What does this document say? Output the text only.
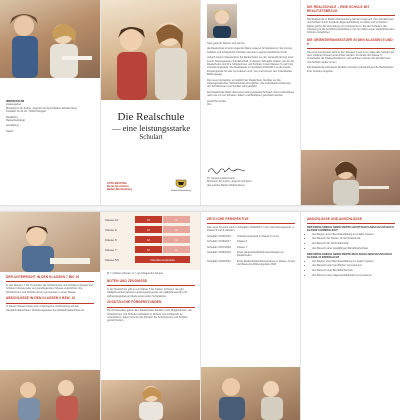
IMPRESSUM
Herausgeber:
Ministerium für Kultus, Jugend und Sport Baden-Württemberg
Postfach 10 34 42, 70029 Stuttgart
Redaktion:
Realschulreferat
Gestaltung:
Stand:
Die Realschule
— eine leistungsstarke
Schulart
GUTE BILDUNG
Beste Aussichten
Baden-Württemberg	Baden-Württemberg

Sehr geehrte Damen und Herren,

die Realschule ist eine tragende Säule unseres Schulsystems. Sie ist eine beliebte und erfolgreiche Schulart mit einem eigenen fachlichen Profil.

Jedoch treten insbesondere die Realschulen vor der Herausforderung einer immer heterogeneren Schülerschaft. In diesem Schuljahr starten nun für die Realschulen und ihre Schülerinnen und Schüler in den Klassen 5 und 6 die Orientierungsstufe. Die Realschule im Schuljahr 2016/2017 ist die zweite Eingangsstufe für das Gymnasium sind, neu und können den individuellen Bildungsweg.

Die neue Konzeption ermöglicht der Realschule, flexibler auf die Heterogenität ihrer Schülerschaft einzugehen. Die individuelle Förderung der Schülerinnen und Schüler wird gestärkt.

Die Realschule bleibt damit eine leistungsstarke Schulart, deren Abschlüsse nach wie vor bei Schülern, Eltern und Betrieben geschätzt werden.

Herzliche Grüße

Ihre
Dr. Susanne Eisenmann
Ministerin für Kultus, Jugend und Sport
des Landes Baden-Württemberg
DIE REALSCHULE – EINE SCHULE MIT REALITÄTSBEZUG

Die Realschule in Baden-Württemberg hat den Anspruch, ihre Schülerinnen und Schüler durch fundierte Allgemeinbildung zu Abitur und zu fördern. Dabei gehört die Vermittlung von Kompetenzen, die den Schülern den Übergang in die berufliche Ausbildung und zum Abitur einer weiterführenden Schule ermöglichen.

DIE ORIENTIERUNGSSTUFE IN DEN KLASSEN 5 UND 6

Die neue Konzeption sieht in den Klassen 5 und 6 vor, dass alle Schüler auf dem mittleren Niveau unterrichtet werden. Am Ende der Klasse 6 entscheidet die Klassenkonferenz, auf welchem Niveau die Schülerinnen und Schüler weiter lernen.

Die Realschule wird damit flexibler und kann individuell auf die Bedürfnisse ihrer Schüler eingehen.

DER UNTERRICHT IN DEN KLASSEN 7 BIS 10

In den Klassen 7 bis 10 werden die Schülerinnen und Schüler entweder auf mittlerem Niveau oder auf grundlegendem Niveau unterrichtet. Die Schülerinnen und Schüler lernen gemeinsam in einer Klasse.

ABSCHLÜSSE IN DEN KLASSEN 9 BZW. 10

In dieser Klassen bietet eine vorgezogene Vorbereitung auf den Hauptschulabschluss, beziehungsweise den Realschulabschluss an.

Klasse 10	M	G
Klasse 9	M	G
Klasse 8	M	G
Klasse 7	M	G
Klasse 5/6	Orientierungsstufe
M = mittleres Niveau, G = grundlegendes Niveau
NOTEN UND ZEUGNISSE

In der Realschule gibt es ein Klasse 5 bis Klasse 10 Noten. Es gibt Halbjahresinformationen/-leistungszeugnisse am Halbjahresende und Jahreszeugnisse am Ende eines jeden Schuljahres.

ZUSÄTZLICHE FÖRDERSTUNDEN

Die Poolstunden geben den Realschulen deutlich mehr Möglichkeiten, die Schülerinnen und Schüler individuell zu fördern und erfolgreich zu unterstützen. Damit können die Schulen die Schülerinnen und Schüler gezielt fördern.

ZEITLICHE PERSPEKTIVE

Das neue Konzept wird im Schuljahr 2016/2017 in der Orientierungsstufe, in Klasse 5 und 6 wirksam.

Schuljahr 2015/2016	Orientierungsstufe in Klasse 5 und 6
Schuljahr 2016/2017	Klasse 6
Schuljahr 2017/2018	Klasse 7
Schuljahr 2018/2019	Erste Hauptschulabschlussprüfungen an Realschulen
Schuljahr 2020/2021	Erste Realschulabschlussprüfung in Klasse 10 auf der Basis des Bildungsplans 2016
ABSCHLÜSSE UND ANSCHLÜSSE
DER ERFOLGREICH ABSOLVIERTE HAUPTSCHULABSCHLUSS NACH KLASSE 9 ERMÖGLICHT
• den Beginn einer Berufsausbildung im dualen System
• den Besuch der Klasse 10 der Realschule
• den Besuch der Werkrealschule
• den Besuch einer zweijährigen Berufsfachschule
DER ERFOLGREICH ABSOLVIERTE REALSCHULABSCHLUSS NACH KLASSE 10 ERMÖGLICHT
• den Beginn einer Berufsausbildung im dualen System
• den Besuch eines beruflichen Gymnasiums
• den Besuch einer Berufsfachschule
• den Besuch eines allgemeinbildenden Gymnasiums
